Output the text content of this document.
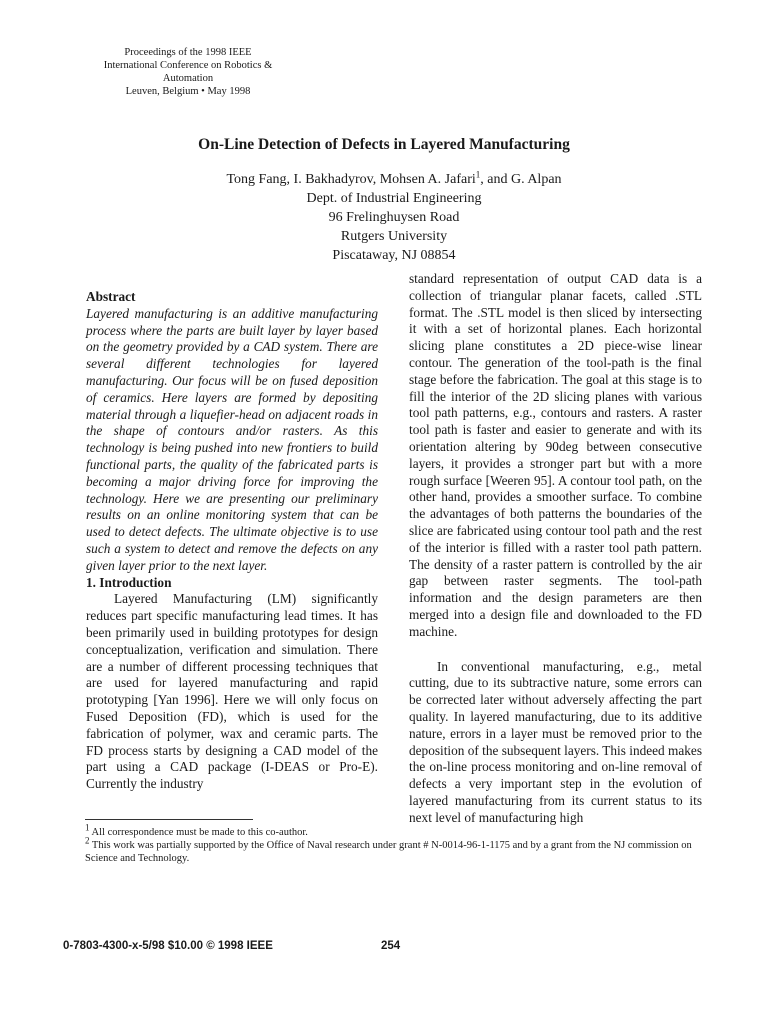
Proceedings of the 1998 IEEE
International Conference on Robotics & Automation
Leuven, Belgium • May 1998
On-Line Detection of Defects in Layered Manufacturing
Tong Fang, I. Bakhadyrov, Mohsen A. Jafari$^1$, and G. Alpan
Dept. of Industrial Engineering
96 Frelinghuysen Road
Rutgers University
Piscataway, NJ 08854

Abstract

Layered manufacturing is an additive manufacturing process where the parts are built layer by layer based on the geometry provided by a CAD system. There are several different technologies for layered manufacturing. Our focus will be on fused deposition of ceramics. Here layers are formed by depositing material through a liquefier-head on adjacent roads in the shape of contours and/or rasters. As this technology is being pushed into new frontiers to build functional parts, the quality of the fabricated parts is becoming a major driving force for improving the technology. Here we are presenting our preliminary results on an online monitoring system that can be used to detect defects. The ultimate objective is to use such a system to detect and remove the defects on any given layer prior to the next layer.

1. Introduction

Layered Manufacturing (LM) significantly reduces part specific manufacturing lead times. It has been primarily used in building prototypes for design conceptualization, verification and simulation. There are a number of different processing techniques that are used for layered manufacturing and rapid prototyping [Yan 1996]. Here we will only focus on Fused Deposition (FD), which is used for the fabrication of polymer, wax and ceramic parts. The FD process starts by designing a CAD model of the part using a CAD package (I-DEAS or Pro-E). Currently the industry

standard representation of output CAD data is a collection of triangular planar facets, called .STL format. The .STL model is then sliced by intersecting it with a set of horizontal planes. Each horizontal slicing plane constitutes a 2D piece-wise linear contour. The generation of the tool-path is the final stage before the fabrication. The goal at this stage is to fill the interior of the 2D slicing planes with various tool path patterns, e.g., contours and rasters. A raster tool path is faster and easier to generate and with its orientation altering by 90deg between consecutive layers, it provides a stronger part but with a more rough surface [Weeren 95]. A contour tool path, on the other hand, provides a smoother surface. To combine the advantages of both patterns the boundaries of the slice are fabricated using contour tool path and the rest of the interior is filled with a raster tool path pattern. The density of a raster pattern is controlled by the air gap between raster segments. The tool-path information and the design parameters are then merged into a design file and downloaded to the FD machine.

In conventional manufacturing, e.g., metal cutting, due to its subtractive nature, some errors can be corrected later without adversely affecting the part quality. In layered manufacturing, due to its additive nature, errors in a layer must be removed prior to the deposition of the subsequent layers. This indeed makes the on-line process monitoring and on-line removal of defects a very important step in the evolution of layered manufacturing from its current status to its next level of manufacturing high

$^1$ All correspondence must be made to this co-author.

$^2$ This work was partially supported by the Office of Naval research under grant # N-0014-96-1-1175 and by a grant from the NJ commission on Science and Technology.

0-7803-4300-x-5/98 $10.00 © 1998 IEEE	254
